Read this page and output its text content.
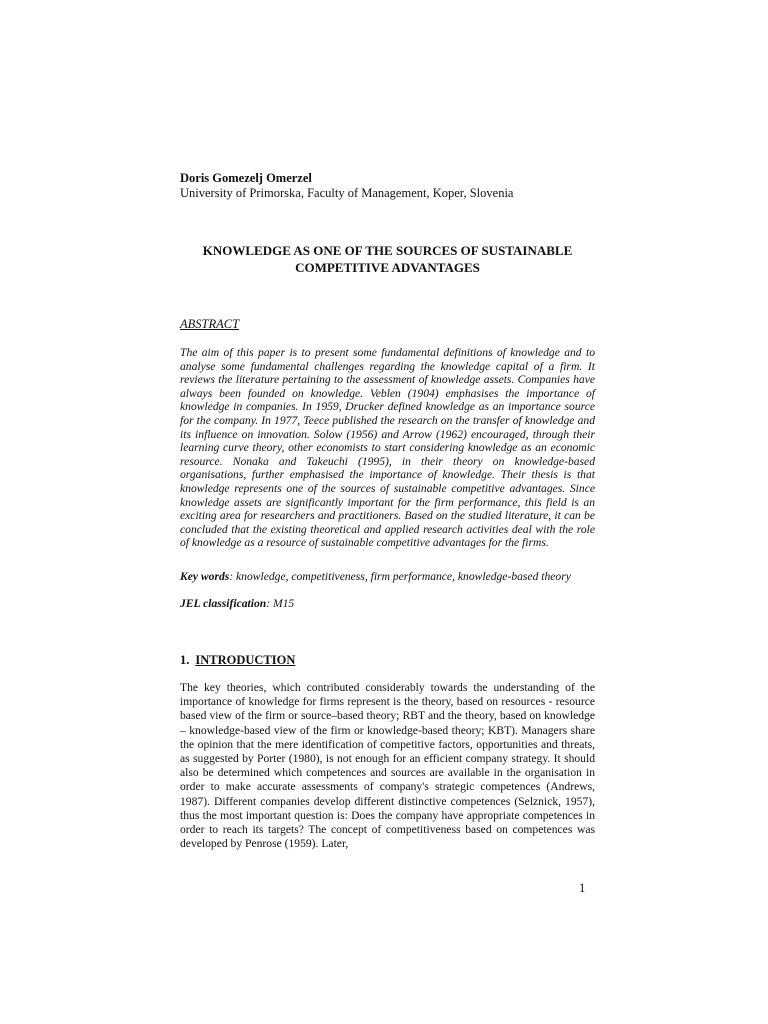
Doris Gomezelj Omerzel
University of Primorska, Faculty of Management, Koper, Slovenia
KNOWLEDGE AS ONE OF THE SOURCES OF SUSTAINABLE
COMPETITIVE ADVANTAGES
ABSTRACT
The aim of this paper is to present some fundamental definitions of knowledge and to analyse some fundamental challenges regarding the knowledge capital of a firm. It reviews the literature pertaining to the assessment of knowledge assets. Companies have always been founded on knowledge. Veblen (1904) emphasises the importance of knowledge in companies. In 1959, Drucker defined knowledge as an importance source for the company. In 1977, Teece published the research on the transfer of knowledge and its influence on innovation. Solow (1956) and Arrow (1962) encouraged, through their learning curve theory, other economists to start considering knowledge as an economic resource. Nonaka and Takeuchi (1995), in their theory on knowledge-based organisations, further emphasised the importance of knowledge. Their thesis is that knowledge represents one of the sources of sustainable competitive advantages. Since knowledge assets are significantly important for the firm performance, this field is an exciting area for researchers and practitioners. Based on the studied literature, it can be concluded that the existing theoretical and applied research activities deal with the role of knowledge as a resource of sustainable competitive advantages for the firms.
Key words: knowledge, competitiveness, firm performance, knowledge-based theory
JEL classification: M15
1. INTRODUCTION
The key theories, which contributed considerably towards the understanding of the importance of knowledge for firms represent is the theory, based on resources - resource based view of the firm or source–based theory; RBT and the theory, based on knowledge – knowledge-based view of the firm or knowledge-based theory; KBT). Managers share the opinion that the mere identification of competitive factors, opportunities and threats, as suggested by Porter (1980), is not enough for an efficient company strategy. It should also be determined which competences and sources are available in the organisation in order to make accurate assessments of company's strategic competences (Andrews, 1987). Different companies develop different distinctive competences (Selznick, 1957), thus the most important question is: Does the company have appropriate competences in order to reach its targets? The concept of competitiveness based on competences was developed by Penrose (1959). Later,
1
